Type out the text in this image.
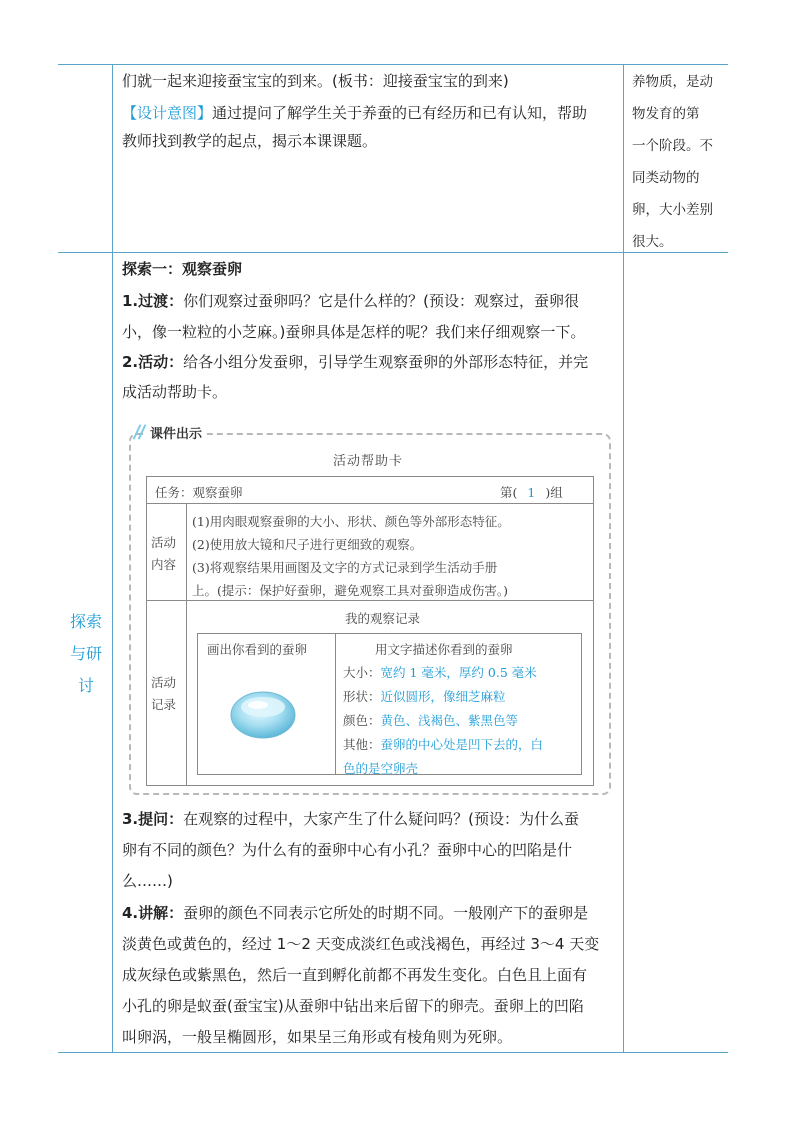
们就一起来迎接蚕宝宝的到来。(板书：迎接蚕宝宝的到来)
【设计意图】通过提问了解学生关于养蚕的已有经历和已有认知，帮助
教师找到教学的起点，揭示本课课题。
养物质，是动
物发育的第
一个阶段。不
同类动物的
卵，大小差别
很大。
探索
与研
讨
探索一：观察蚕卵
1.过渡：你们观察过蚕卵吗？它是什么样的？(预设：观察过，蚕卵很
小，像一粒粒的小芝麻。)蚕卵具体是怎样的呢？我们来仔细观察一下。
2.活动：给各小组分发蚕卵，引导学生观察蚕卵的外部形态特征，并完
成活动帮助卡。
课件出示
活动帮助卡
任务：观察蚕卵	第( 1 )组
活动
内容
(1)用肉眼观察蚕卵的大小、形状、颜色等外部形态特征。
(2)使用放大镜和尺子进行更细致的观察。
(3)将观察结果用画图及文字的方式记录到学生活动手册
上。(提示：保护好蚕卵，避免观察工具对蚕卵造成伤害。)
活动
记录
我的观察记录
画出你看到的蚕卵	用文字描述你看到的蚕卵
大小：宽约 1 毫米，厚约 0.5 毫米
形状：近似圆形，像细芝麻粒
颜色：黄色、浅褐色、紫黑色等
其他：蚕卵的中心处是凹下去的，白
色的是空卵壳
3.提问：在观察的过程中，大家产生了什么疑问吗？(预设：为什么蚕
卵有不同的颜色？为什么有的蚕卵中心有小孔？蚕卵中心的凹陷是什
么……)
4.讲解：蚕卵的颜色不同表示它所处的时期不同。一般刚产下的蚕卵是
淡黄色或黄色的，经过 1～2 天变成淡红色或浅褐色，再经过 3～4 天变
成灰绿色或紫黑色，然后一直到孵化前都不再发生变化。白色且上面有
小孔的卵是蚁蚕(蚕宝宝)从蚕卵中钻出来后留下的卵壳。蚕卵上的凹陷
叫卵涡，一般呈椭圆形，如果呈三角形或有棱角则为死卵。
